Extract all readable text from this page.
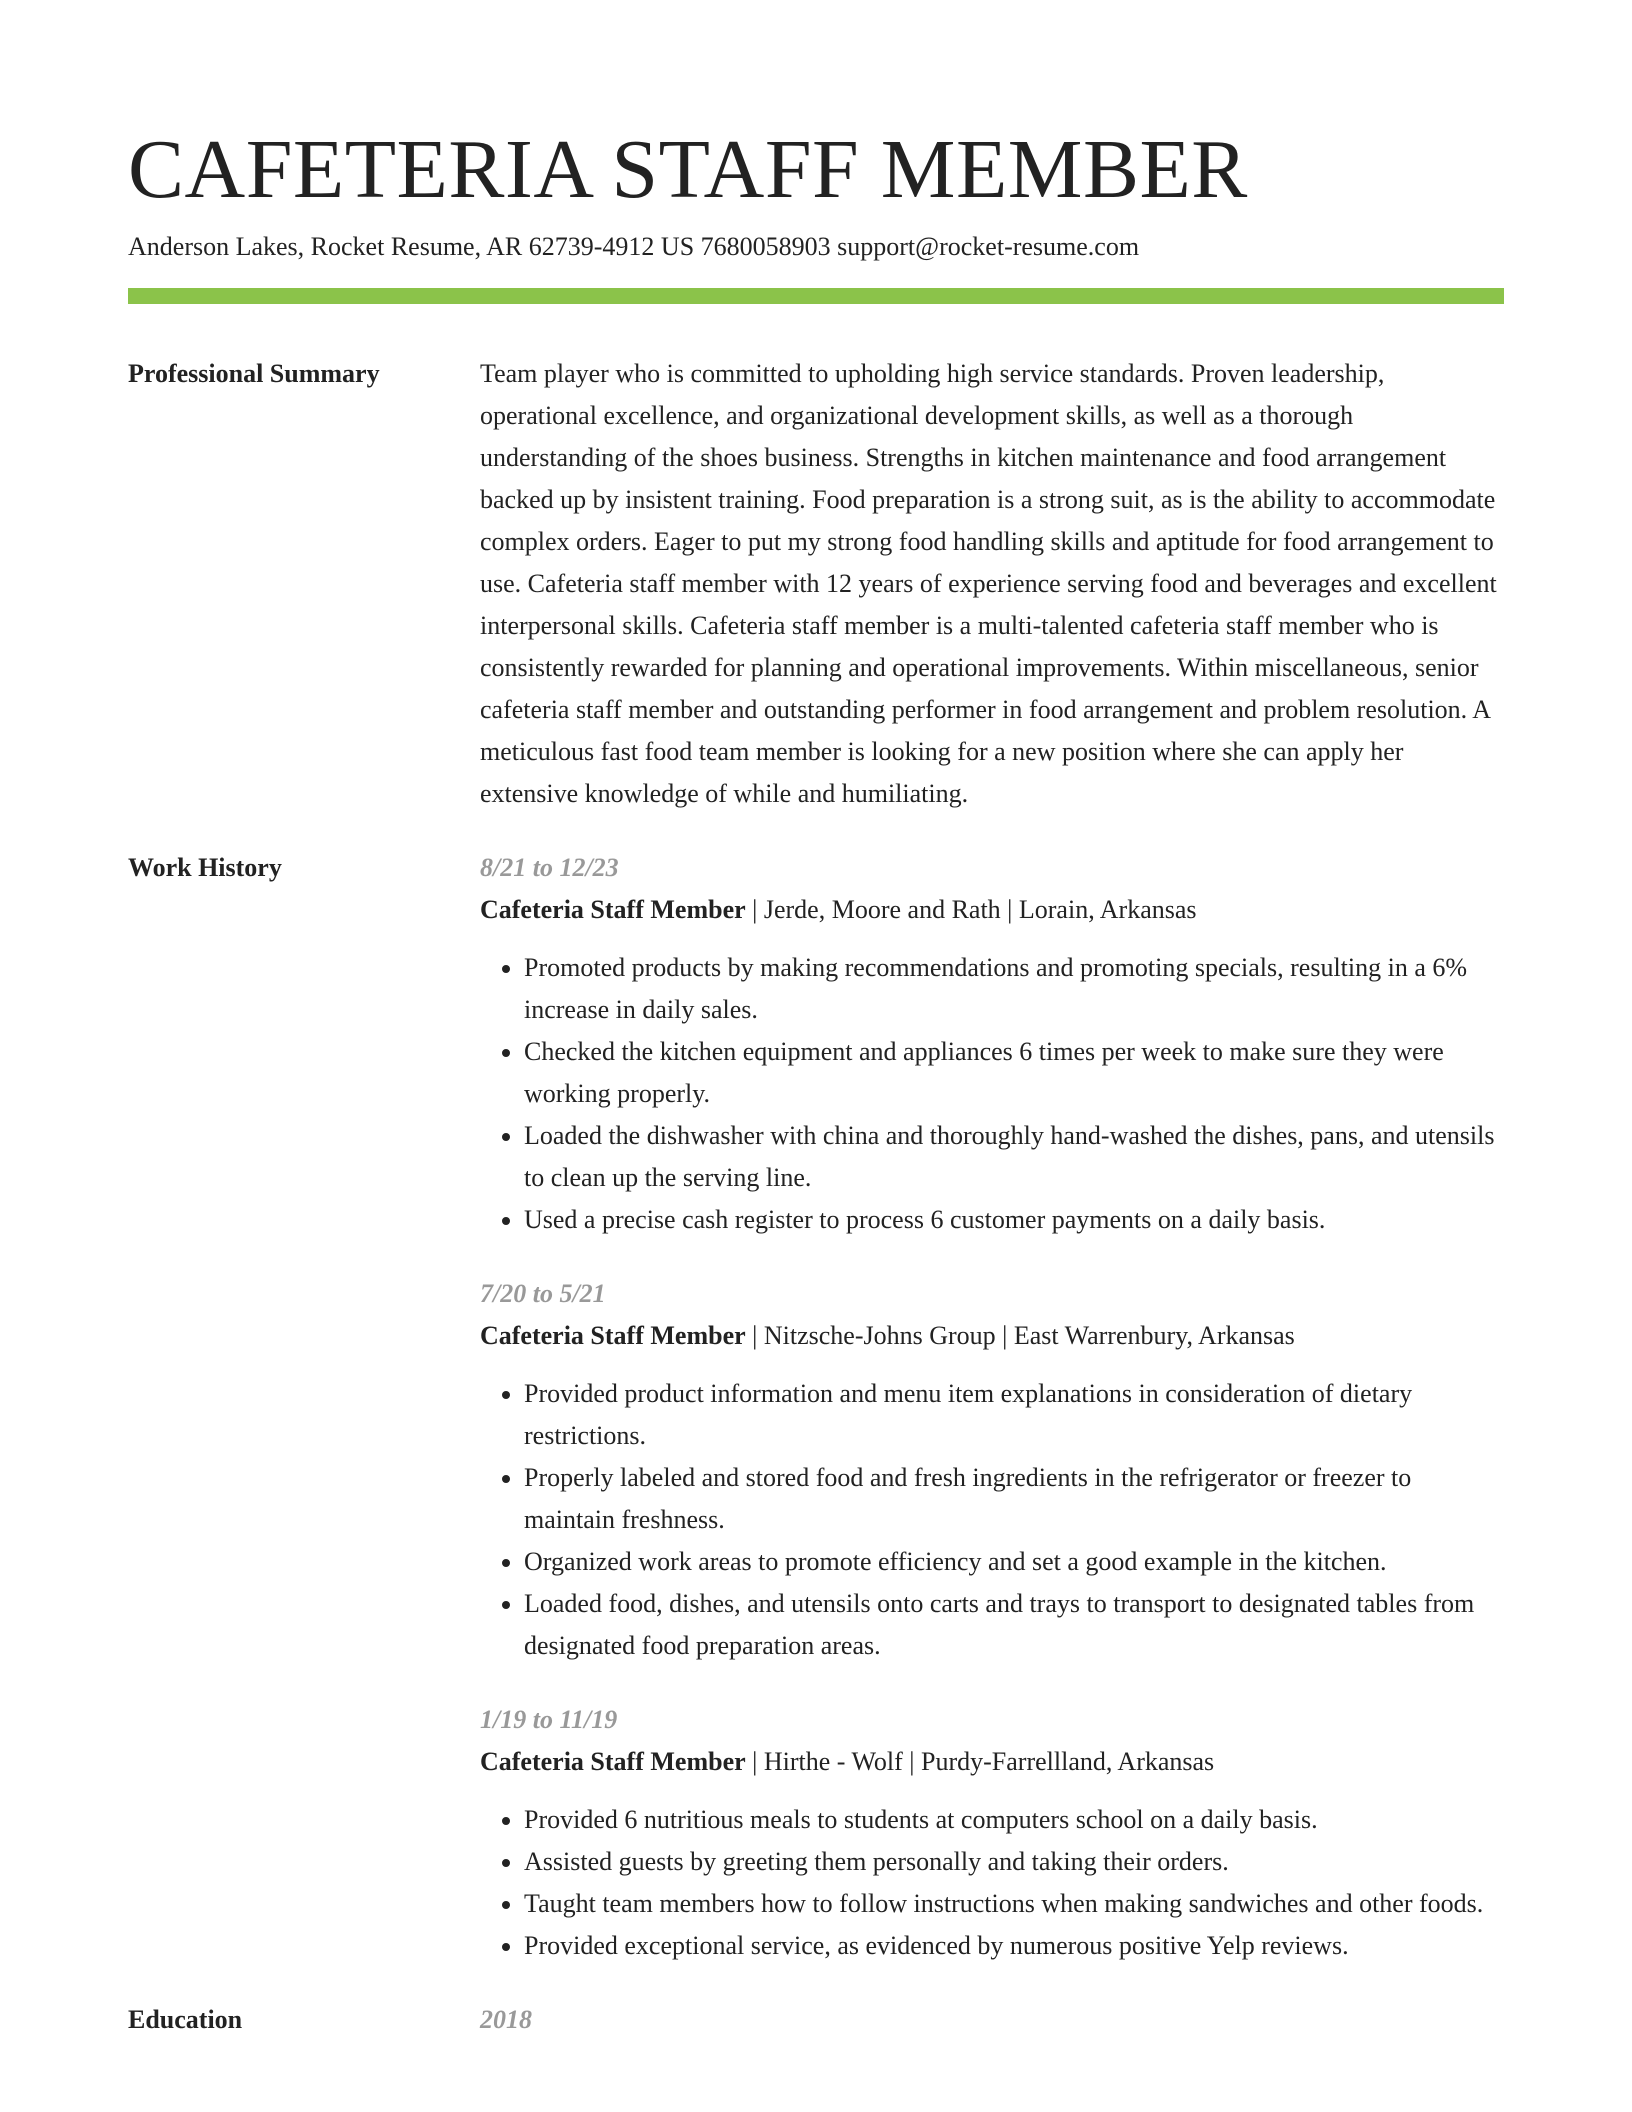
CAFETERIA STAFF MEMBER
Anderson Lakes, Rocket Resume, AR 62739-4912 US 7680058903 support@rocket-resume.com
Professional Summary	Team player who is committed to upholding high service standards. Proven leadership, operational excellence, and organizational development skills, as well as a thorough understanding of the shoes business. Strengths in kitchen maintenance and food arrangement backed up by insistent training. Food preparation is a strong suit, as is the ability to accommodate complex orders. Eager to put my strong food handling skills and aptitude for food arrangement to use. Cafeteria staff member with 12 years of experience serving food and beverages and excellent interpersonal skills. Cafeteria staff member is a multi-talented cafeteria staff member who is consistently rewarded for planning and operational improvements. Within miscellaneous, senior cafeteria staff member and outstanding performer in food arrangement and problem resolution. A meticulous fast food team member is looking for a new position where she can apply her extensive knowledge of while and humiliating.

Work History	8/21 to 12/23
Cafeteria Staff Member | Jerde, Moore and Rath | Lorain, Arkansas
• Promoted products by making recommendations and promoting specials, resulting in a 6% increase in daily sales.
• Checked the kitchen equipment and appliances 6 times per week to make sure they were working properly.
• Loaded the dishwasher with china and thoroughly hand-washed the dishes, pans, and utensils to clean up the serving line.
• Used a precise cash register to process 6 customer payments on a daily basis.
7/20 to 5/21
Cafeteria Staff Member | Nitzsche-Johns Group | East Warrenbury, Arkansas
• Provided product information and menu item explanations in consideration of dietary restrictions.
• Properly labeled and stored food and fresh ingredients in the refrigerator or freezer to maintain freshness.
• Organized work areas to promote efficiency and set a good example in the kitchen.
• Loaded food, dishes, and utensils onto carts and trays to transport to designated tables from designated food preparation areas.
1/19 to 11/19
Cafeteria Staff Member | Hirthe - Wolf | Purdy-Farrellland, Arkansas
• Provided 6 nutritious meals to students at computers school on a daily basis.
• Assisted guests by greeting them personally and taking their orders.
• Taught team members how to follow instructions when making sandwiches and other foods.
• Provided exceptional service, as evidenced by numerous positive Yelp reviews.
Education	2018
